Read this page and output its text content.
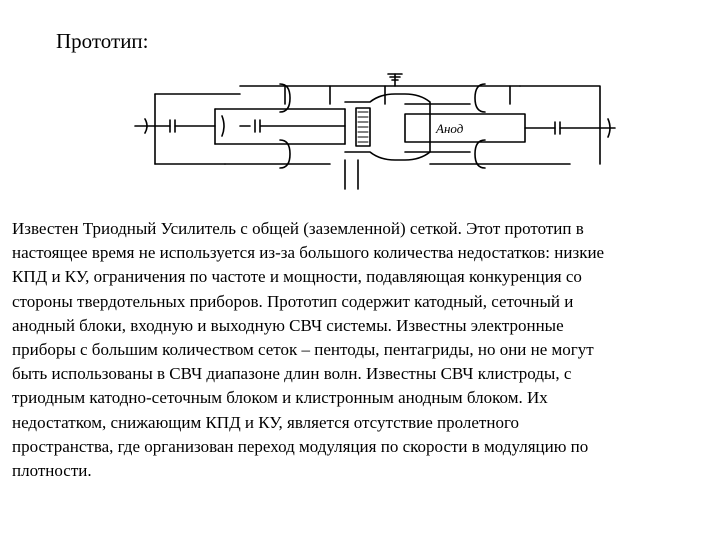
Прототип:
Анод
Известен Триодный Усилитель с общей (заземленной) сеткой. Этот прототип в
настоящее время не используется из-за большого количества недостатков: низкие
КПД и КУ, ограничения по частоте и мощности, подавляющая конкуренция со
стороны твердотельных приборов. Прототип содержит катодный, сеточный и
анодный блоки, входную и выходную СВЧ системы. Известны электронные
приборы с большим количеством сеток – пентоды, пентагриды, но они не могут
быть использованы в СВЧ диапазоне длин волн. Известны СВЧ клистроды, с
триодным катодно-сеточным блоком и клистронным анодным блоком. Их
недостатком, снижающим КПД и КУ, является отсутствие пролетного
пространства, где организован переход модуляция по скорости в модуляцию по
плотности.
